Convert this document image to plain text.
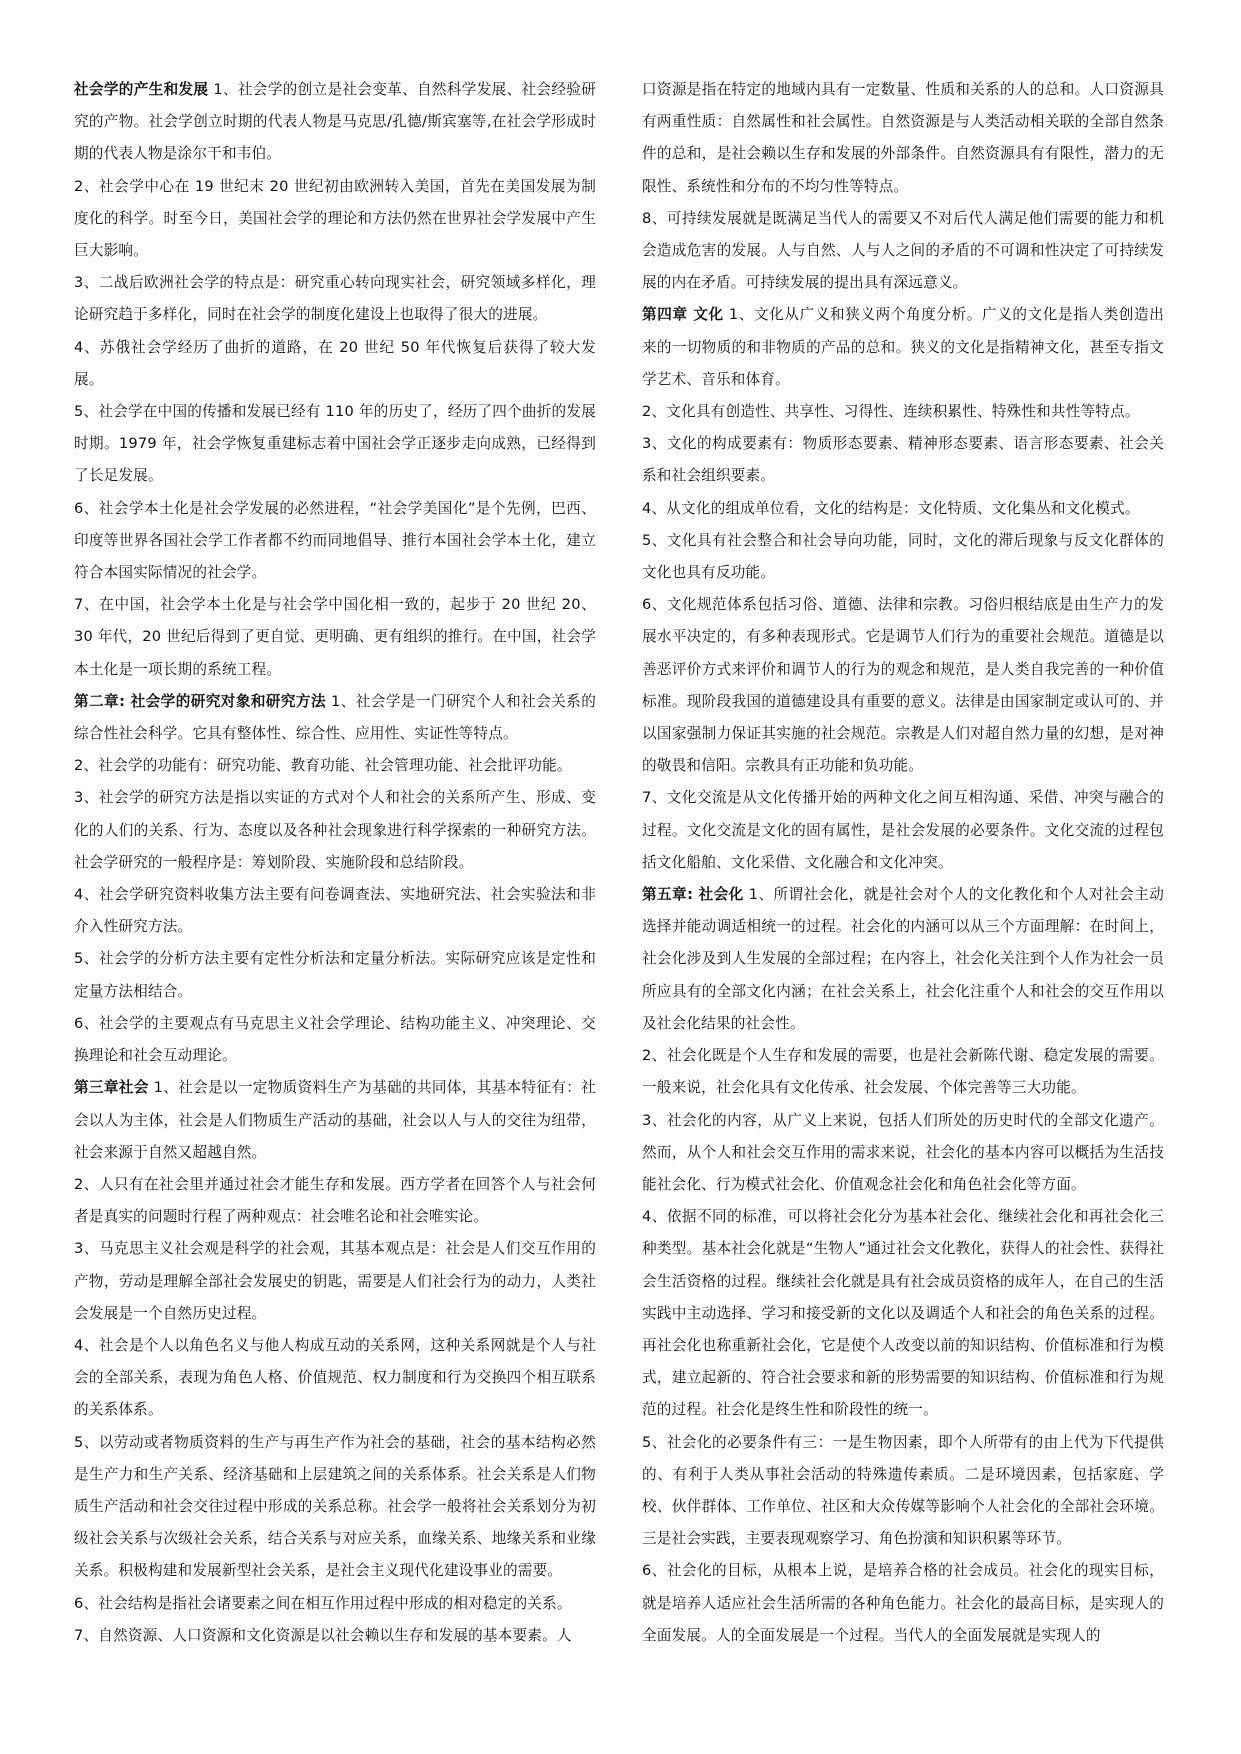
社会学的产生和发展 1、社会学的创立是社会变革、自然科学发展、社会经验研究的产物。社会学创立时期的代表人物是马克思/孔德/斯宾塞等,在社会学形成时期的代表人物是涂尔干和韦伯。

2、社会学中心在 19 世纪末 20 世纪初由欧洲转入美国，首先在美国发展为制度化的科学。时至今日，美国社会学的理论和方法仍然在世界社会学发展中产生巨大影响。

3、二战后欧洲社会学的特点是：研究重心转向现实社会，研究领域多样化，理论研究趋于多样化，同时在社会学的制度化建设上也取得了很大的进展。

4、苏俄社会学经历了曲折的道路，在 20 世纪 50 年代恢复后获得了较大发展。

5、社会学在中国的传播和发展已经有 110 年的历史了，经历了四个曲折的发展时期。1979 年，社会学恢复重建标志着中国社会学正逐步走向成熟，已经得到了长足发展。

6、社会学本土化是社会学发展的必然进程，“社会学美国化”是个先例，巴西、印度等世界各国社会学工作者都不约而同地倡导、推行本国社会学本土化，建立符合本国实际情况的社会学。

7、在中国，社会学本土化是与社会学中国化相一致的，起步于 20 世纪 20、30 年代，20 世纪后得到了更自觉、更明确、更有组织的推行。在中国，社会学本土化是一项长期的系统工程。

第二章: 社会学的研究对象和研究方法 1、社会学是一门研究个人和社会关系的综合性社会科学。它具有整体性、综合性、应用性、实证性等特点。

2、社会学的功能有：研究功能、教育功能、社会管理功能、社会批评功能。

3、社会学的研究方法是指以实证的方式对个人和社会的关系所产生、形成、变化的人们的关系、行为、态度以及各种社会现象进行科学探索的一种研究方法。社会学研究的一般程序是：筹划阶段、实施阶段和总结阶段。

4、社会学研究资料收集方法主要有问卷调查法、实地研究法、社会实验法和非介入性研究方法。

5、社会学的分析方法主要有定性分析法和定量分析法。实际研究应该是定性和定量方法相结合。

6、社会学的主要观点有马克思主义社会学理论、结构功能主义、冲突理论、交换理论和社会互动理论。

第三章社会 1、社会是以一定物质资料生产为基础的共同体，其基本特征有：社会以人为主体，社会是人们物质生产活动的基础，社会以人与人的交往为纽带，社会来源于自然又超越自然。

2、人只有在社会里并通过社会才能生存和发展。西方学者在回答个人与社会何者是真实的问题时行程了两种观点：社会唯名论和社会唯实论。

3、马克思主义社会观是科学的社会观，其基本观点是：社会是人们交互作用的产物，劳动是理解全部社会发展史的钥匙，需要是人们社会行为的动力，人类社会发展是一个自然历史过程。

4、社会是个人以角色名义与他人构成互动的关系网，这种关系网就是个人与社会的全部关系，表现为角色人格、价值规范、权力制度和行为交换四个相互联系的关系体系。

5、以劳动或者物质资料的生产与再生产作为社会的基础，社会的基本结构必然是生产力和生产关系、经济基础和上层建筑之间的关系体系。社会关系是人们物质生产活动和社会交往过程中形成的关系总称。社会学一般将社会关系划分为初级社会关系与次级社会关系，结合关系与对应关系，血缘关系、地缘关系和业缘关系。积极构建和发展新型社会关系，是社会主义现代化建设事业的需要。

6、社会结构是指社会诸要素之间在相互作用过程中形成的相对稳定的关系。

7、自然资源、人口资源和文化资源是以社会赖以生存和发展的基本要素。人

口资源是指在特定的地域内具有一定数量、性质和关系的人的总和。人口资源具有两重性质：自然属性和社会属性。自然资源是与人类活动相关联的全部自然条件的总和，是社会赖以生存和发展的外部条件。自然资源具有有限性，潜力的无限性、系统性和分布的不均匀性等特点。

8、可持续发展就是既满足当代人的需要又不对后代人满足他们需要的能力和机会造成危害的发展。人与自然、人与人之间的矛盾的不可调和性决定了可持续发展的内在矛盾。可持续发展的提出具有深远意义。

第四章 文化 1、文化从广义和狭义两个角度分析。广义的文化是指人类创造出来的一切物质的和非物质的产品的总和。狭义的文化是指精神文化，甚至专指文学艺术、音乐和体育。

2、文化具有创造性、共享性、习得性、连续积累性、特殊性和共性等特点。

3、文化的构成要素有：物质形态要素、精神形态要素、语言形态要素、社会关系和社会组织要素。

4、从文化的组成单位看，文化的结构是：文化特质、文化集丛和文化模式。

5、文化具有社会整合和社会导向功能，同时，文化的滞后现象与反文化群体的文化也具有反功能。

6、文化规范体系包括习俗、道德、法律和宗教。习俗归根结底是由生产力的发展水平决定的，有多种表现形式。它是调节人们行为的重要社会规范。道德是以善恶评价方式来评价和调节人的行为的观念和规范，是人类自我完善的一种价值标准。现阶段我国的道德建设具有重要的意义。法律是由国家制定或认可的、并以国家强制力保证其实施的社会规范。宗教是人们对超自然力量的幻想，是对神的敬畏和信阳。宗教具有正功能和负功能。

7、文化交流是从文化传播开始的两种文化之间互相沟通、采借、冲突与融合的过程。文化交流是文化的固有属性，是社会发展的必要条件。文化交流的过程包括文化船舶、文化采借、文化融合和文化冲突。

第五章: 社会化 1、所谓社会化，就是社会对个人的文化教化和个人对社会主动选择并能动调适相统一的过程。社会化的内涵可以从三个方面理解：在时间上， 社会化涉及到人生发展的全部过程；在内容上，社会化关注到个人作为社会一员所应具有的全部文化内涵；在社会关系上，社会化注重个人和社会的交互作用以及社会化结果的社会性。

2、社会化既是个人生存和发展的需要，也是社会新陈代谢、稳定发展的需要。一般来说，社会化具有文化传承、社会发展、个体完善等三大功能。

3、社会化的内容，从广义上来说，包括人们所处的历史时代的全部文化遗产。然而，从个人和社会交互作用的需求来说，社会化的基本内容可以概括为生活技能社会化、行为模式社会化、价值观念社会化和角色社会化等方面。

4、依据不同的标准，可以将社会化分为基本社会化、继续社会化和再社会化三种类型。基本社会化就是“生物人”通过社会文化教化，获得人的社会性、获得社会生活资格的过程。继续社会化就是具有社会成员资格的成年人，在自己的生活实践中主动选择、学习和接受新的文化以及调适个人和社会的角色关系的过程。再社会化也称重新社会化，它是使个人改变以前的知识结构、价值标准和行为模式，建立起新的、符合社会要求和新的形势需要的知识结构、价值标准和行为规范的过程。社会化是终生性和阶段性的统一。

5、社会化的必要条件有三：一是生物因素，即个人所带有的由上代为下代提供的、有利于人类从事社会活动的特殊遗传素质。二是环境因素，包括家庭、学校、伙伴群体、工作单位、社区和大众传媒等影响个人社会化的全部社会环境。三是社会实践，主要表现观察学习、角色扮演和知识积累等环节。

6、社会化的目标，从根本上说，是培养合格的社会成员。社会化的现实目标，就是培养人适应社会生活所需的各种角色能力。社会化的最高目标，是实现人的全面发展。人的全面发展是一个过程。当代人的全面发展就是实现人的
